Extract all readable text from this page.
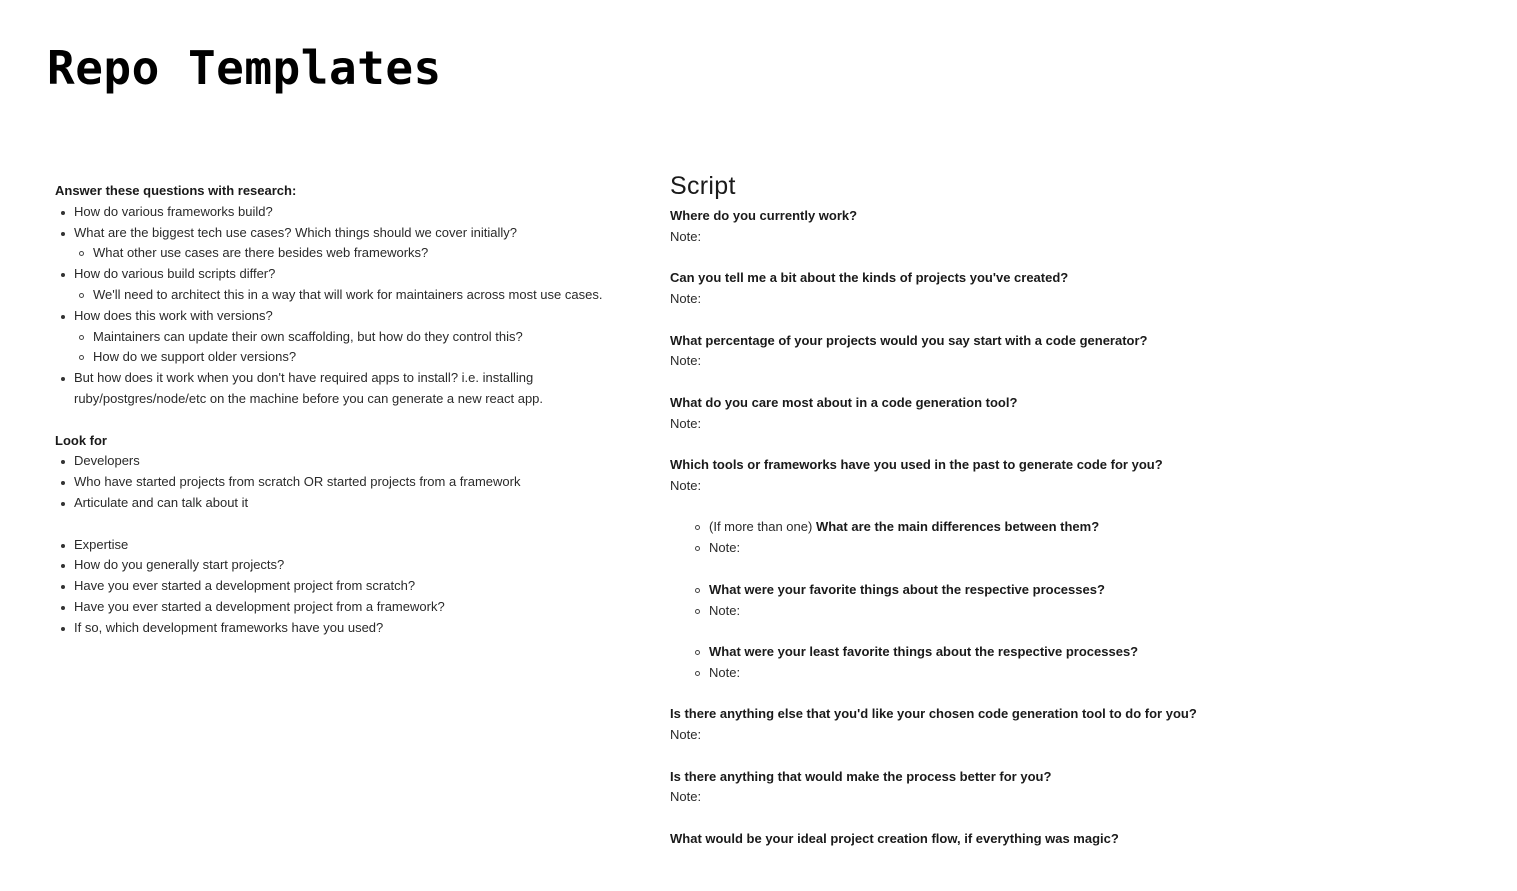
Repo Templates
Answer these questions with research:
How do various frameworks build?
What are the biggest tech use cases? Which things should we cover initially?
What other use cases are there besides web frameworks?
How do various build scripts differ?
We'll need to architect this in a way that will work for maintainers across most use cases.
How does this work with versions?
Maintainers can update their own scaffolding, but how do they control this?
How do we support older versions?
But how does it work when you don't have required apps to install? i.e. installing ruby/postgres/node/etc on the machine before you can generate a new react app.
Look for
Developers
Who have started projects from scratch OR started projects from a framework
Articulate and can talk about it
Expertise
How do you generally start projects?
Have you ever started a development project from scratch?
Have you ever started a development project from a framework?
If so, which development frameworks have you used?
Script
Where do you currently work?
Note:
Can you tell me a bit about the kinds of projects you've created?
Note:
What percentage of your projects would you say start with a code generator?
Note:
What do you care most about in a code generation tool?
Note:
Which tools or frameworks have you used in the past to generate code for you?
Note:
(If more than one) What are the main differences between them?
Note:
What were your favorite things about the respective processes?
Note:
What were your least favorite things about the respective processes?
Note:
Is there anything else that you'd like your chosen code generation tool to do for you?
Note:
Is there anything that would make the process better for you?
Note:
What would be your ideal project creation flow, if everything was magic?
